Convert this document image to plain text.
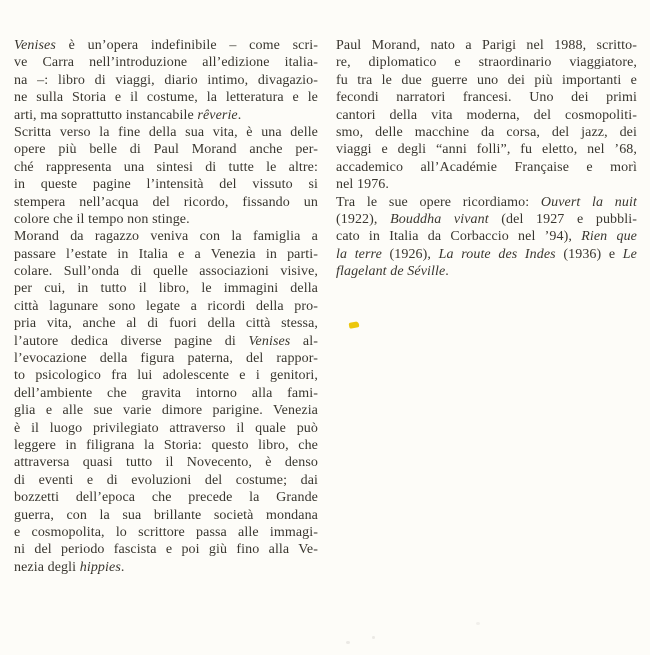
Venises è un’opera indefinibile – come scri-
ve Carra nell’introduzione all’edizione italia-
na –: libro di viaggi, diario intimo, divagazio-
ne sulla Storia e il costume, la letteratura e le
arti, ma soprattutto instancabile rêverie.
Scritta verso la fine della sua vita, è una delle
opere più belle di Paul Morand anche per-
ché rappresenta una sintesi di tutte le altre:
in queste pagine l’intensità del vissuto si
stempera nell’acqua del ricordo, fissando un
colore che il tempo non stinge.
Morand da ragazzo veniva con la famiglia a
passare l’estate in Italia e a Venezia in parti-
colare. Sull’onda di quelle associazioni visive,
per cui, in tutto il libro, le immagini della
città lagunare sono legate a ricordi della pro-
pria vita, anche al di fuori della città stessa,
l’autore dedica diverse pagine di Venises al-
l’evocazione della figura paterna, del rappor-
to psicologico fra lui adolescente e i genitori,
dell’ambiente che gravita intorno alla fami-
glia e alle sue varie dimore parigine. Venezia
è il luogo privilegiato attraverso il quale può
leggere in filigrana la Storia: questo libro, che
attraversa quasi tutto il Novecento, è denso
di eventi e di evoluzioni del costume; dai
bozzetti dell’epoca che precede la Grande
guerra, con la sua brillante società mondana
e cosmopolita, lo scrittore passa alle immagi-
ni del periodo fascista e poi giù fino alla Ve-
nezia degli hippies.
Paul Morand, nato a Parigi nel 1988, scritto-
re, diplomatico e straordinario viaggiatore,
fu tra le due guerre uno dei più importanti e
fecondi narratori francesi. Uno dei primi
cantori della vita moderna, del cosmopoliti-
smo, delle macchine da corsa, del jazz, dei
viaggi e degli “anni folli”, fu eletto, nel ’68,
accademico all’Académie Française e morì
nel 1976.
Tra le sue opere ricordiamo: Ouvert la nuit
(1922), Bouddha vivant (del 1927 e pubbli-
cato in Italia da Corbaccio nel ’94), Rien que
la terre (1926), La route des Indes (1936) e Le
flagelant de Séville.
